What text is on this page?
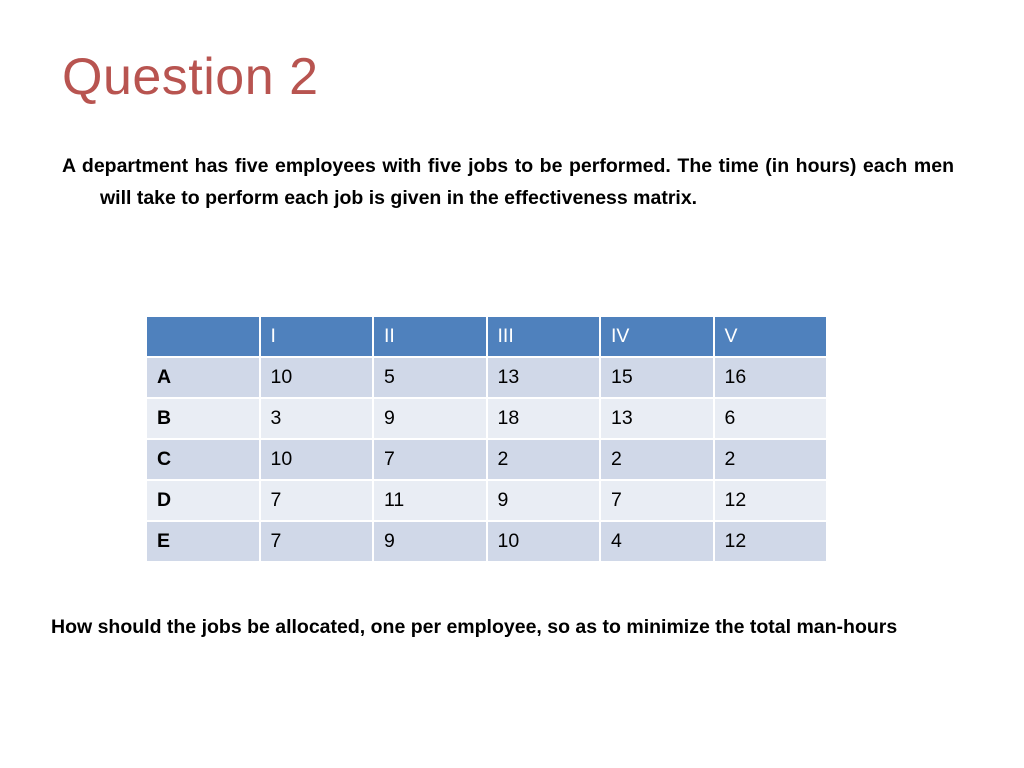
Question 2

A department has five employees with five jobs to be performed. The time (in hours) each men will take to perform each job is given in the effectiveness matrix.

	I	II	III	IV	V
A	10	5	13	15	16
B	3	9	18	13	6
C	10	7	2	2	2
D	7	11	9	7	12
E	7	9	10	4	12

How should the jobs be allocated, one per employee, so as to minimize the total man-hours
